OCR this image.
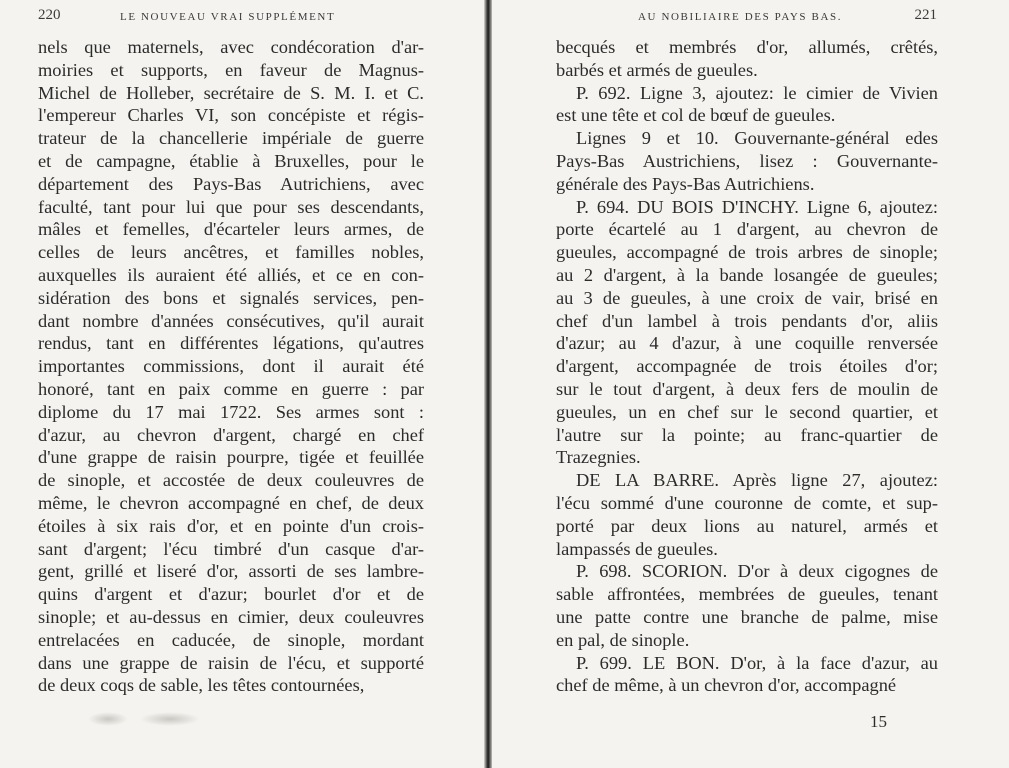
220	LE NOUVEAU VRAI SUPPLÉMENT
nels que maternels, avec condécoration d'ar-
moiries et supports, en faveur de Magnus-
Michel de Holleber, secrétaire de S. M. I. et C.
l'empereur Charles VI, son concépiste et régis-
trateur de la chancellerie impériale de guerre
et de campagne, établie à Bruxelles, pour le
département des Pays-Bas Autrichiens, avec
faculté, tant pour lui que pour ses descendants,
mâles et femelles, d'écarteler leurs armes, de
celles de leurs ancêtres, et familles nobles,
auxquelles ils auraient été alliés, et ce en con-
sidération des bons et signalés services, pen-
dant nombre d'années consécutives, qu'il aurait
rendus, tant en différentes légations, qu'autres
importantes commissions, dont il aurait été
honoré, tant en paix comme en guerre : par
diplome du 17 mai 1722. Ses armes sont :
d'azur, au chevron d'argent, chargé en chef
d'une grappe de raisin pourpre, tigée et feuillée
de sinople, et accostée de deux couleuvres de
même, le chevron accompagné en chef, de deux
étoiles à six rais d'or, et en pointe d'un crois-
sant d'argent; l'écu timbré d'un casque d'ar-
gent, grillé et liseré d'or, assorti de ses lambre-
quins d'argent et d'azur; bourlet d'or et de
sinople; et au-dessus en cimier, deux couleuvres
entrelacées en caducée, de sinople, mordant
dans une grappe de raisin de l'écu, et supporté
de deux coqs de sable, les têtes contournées,
AU NOBILIAIRE DES PAYS BAS.	221
becqués et membrés d'or, allumés, crêtés,
barbés et armés de gueules.
P. 692. Ligne 3, ajoutez: le cimier de Vivien
est une tête et col de bœuf de gueules.
Lignes 9 et 10. Gouvernante-général edes
Pays-Bas Austrichiens, lisez : Gouvernante-
générale des Pays-Bas Autrichiens.
P. 694. DU BOIS D'INCHY. Ligne 6, ajoutez:
porte écartelé au 1 d'argent, au chevron de
gueules, accompagné de trois arbres de sinople;
au 2 d'argent, à la bande losangée de gueules;
au 3 de gueules, à une croix de vair, brisé en
chef d'un lambel à trois pendants d'or, aliis
d'azur; au 4 d'azur, à une coquille renversée
d'argent, accompagnée de trois étoiles d'or;
sur le tout d'argent, à deux fers de moulin de
gueules, un en chef sur le second quartier, et
l'autre sur la pointe; au franc-quartier de
Trazegnies.
DE LA BARRE. Après ligne 27, ajoutez:
l'écu sommé d'une couronne de comte, et sup-
porté par deux lions au naturel, armés et
lampassés de gueules.
P. 698. SCORION. D'or à deux cigognes de
sable affrontées, membrées de gueules, tenant
une patte contre une branche de palme, mise
en pal, de sinople.
P. 699. LE BON. D'or, à la face d'azur, au
chef de même, à un chevron d'or, accompagné
15
